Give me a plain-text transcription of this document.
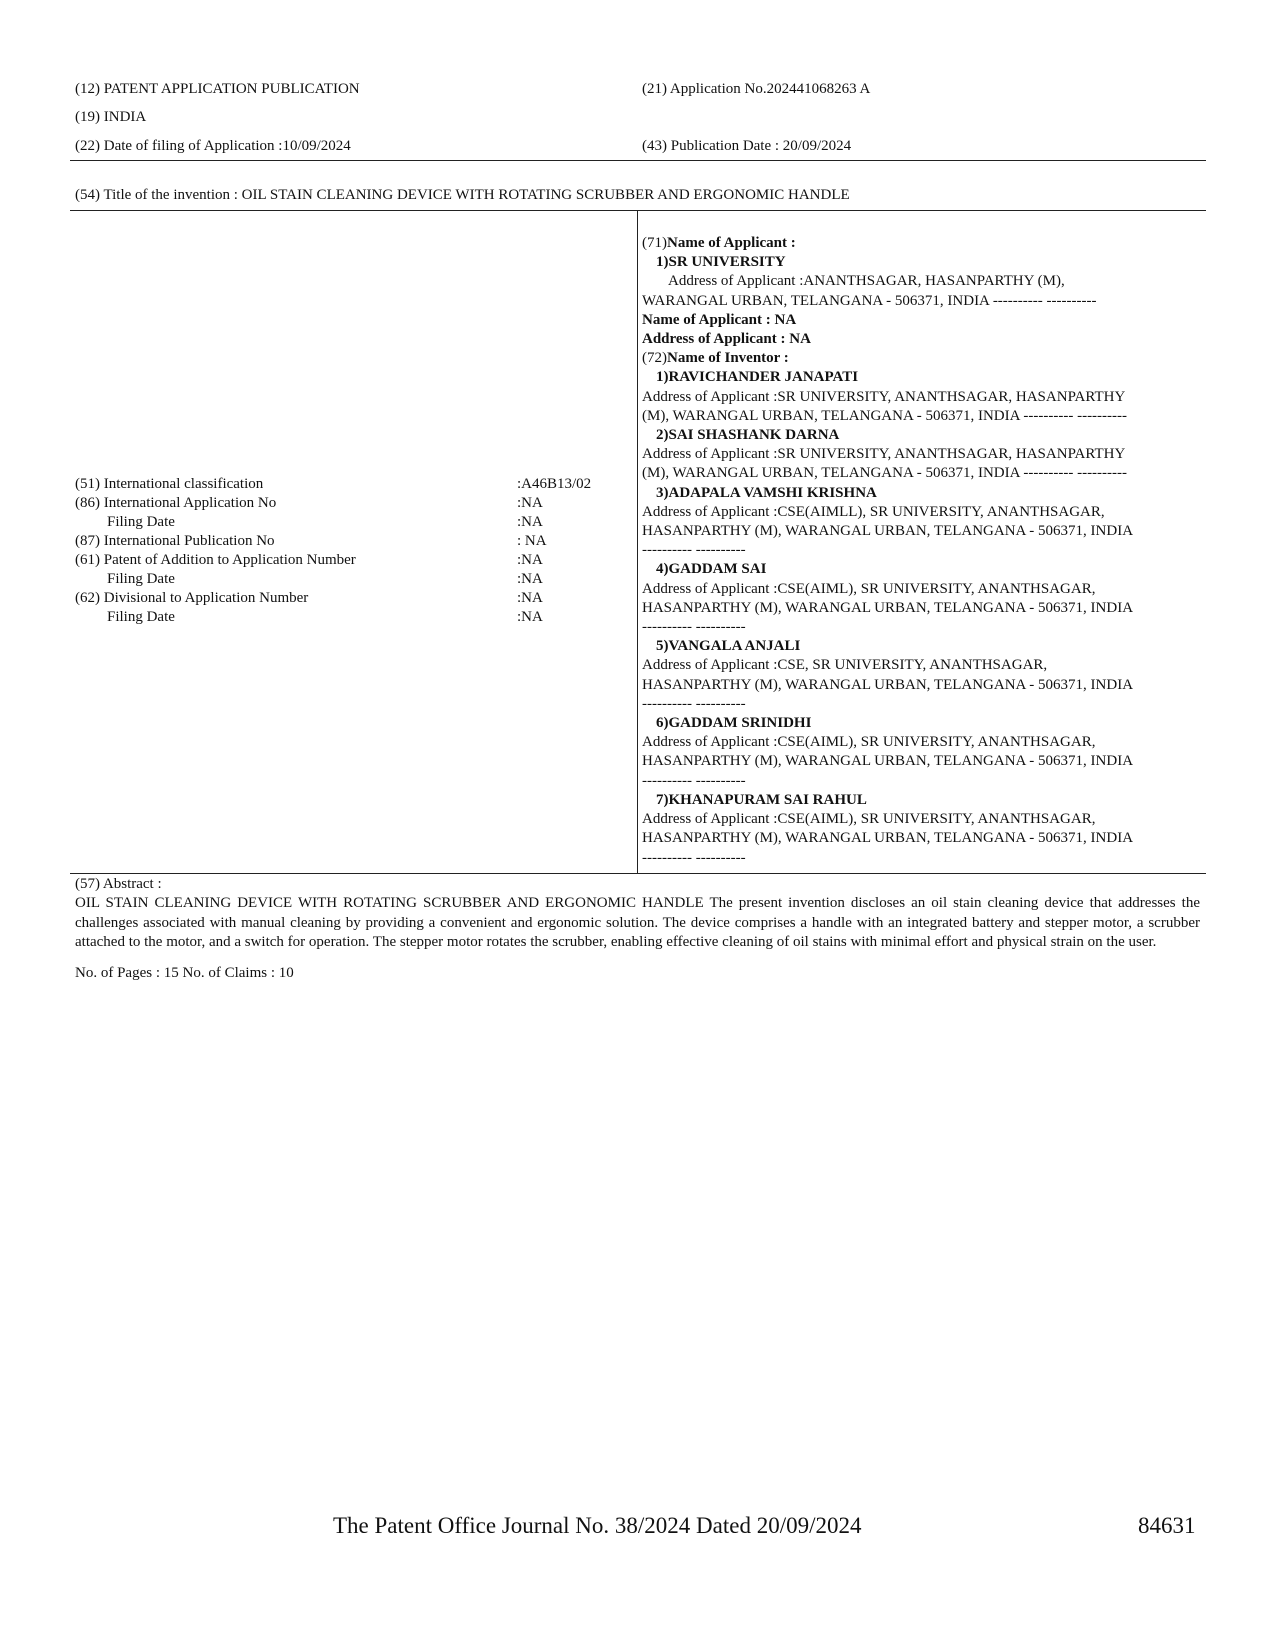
(12) PATENT APPLICATION PUBLICATION	(21) Application No.202441068263 A
(19) INDIA
(22) Date of filing of Application :10/09/2024	(43) Publication Date : 20/09/2024
(54) Title of the invention : OIL STAIN CLEANING DEVICE WITH ROTATING SCRUBBER AND ERGONOMIC HANDLE
(51) International classification	:A46B13/02
(86) International Application No	:NA
Filing Date	:NA
(87) International Publication No	: NA
(61) Patent of Addition to Application Number	:NA
Filing Date	:NA
(62) Divisional to Application Number	:NA
Filing Date	:NA
(71)Name of Applicant :
1)SR UNIVERSITY
Address of Applicant :ANANTHSAGAR, HASANPARTHY (M),
WARANGAL URBAN, TELANGANA - 506371, INDIA ---------- ----------
Name of Applicant : NA
Address of Applicant : NA
(72)Name of Inventor :
1)RAVICHANDER JANAPATI
Address of Applicant :SR UNIVERSITY, ANANTHSAGAR, HASANPARTHY
(M), WARANGAL URBAN, TELANGANA - 506371, INDIA ---------- ----------
2)SAI SHASHANK DARNA
Address of Applicant :SR UNIVERSITY, ANANTHSAGAR, HASANPARTHY
(M), WARANGAL URBAN, TELANGANA - 506371, INDIA ---------- ----------
3)ADAPALA VAMSHI KRISHNA
Address of Applicant :CSE(AIMLL), SR UNIVERSITY, ANANTHSAGAR,
HASANPARTHY (M), WARANGAL URBAN, TELANGANA - 506371, INDIA
---------- ----------
4)GADDAM SAI
Address of Applicant :CSE(AIML), SR UNIVERSITY, ANANTHSAGAR,
HASANPARTHY (M), WARANGAL URBAN, TELANGANA - 506371, INDIA
---------- ----------
5)VANGALA ANJALI
Address of Applicant :CSE, SR UNIVERSITY, ANANTHSAGAR,
HASANPARTHY (M), WARANGAL URBAN, TELANGANA - 506371, INDIA
---------- ----------
6)GADDAM SRINIDHI
Address of Applicant :CSE(AIML), SR UNIVERSITY, ANANTHSAGAR,
HASANPARTHY (M), WARANGAL URBAN, TELANGANA - 506371, INDIA
---------- ----------
7)KHANAPURAM SAI RAHUL
Address of Applicant :CSE(AIML), SR UNIVERSITY, ANANTHSAGAR,
HASANPARTHY (M), WARANGAL URBAN, TELANGANA - 506371, INDIA
---------- ----------
(57) Abstract :
OIL STAIN CLEANING DEVICE WITH ROTATING SCRUBBER AND ERGONOMIC HANDLE The present invention discloses an oil stain cleaning device that addresses the challenges associated with manual cleaning by providing a convenient and ergonomic solution. The device comprises a handle with an integrated battery and stepper motor, a scrubber attached to the motor, and a switch for operation. The stepper motor rotates the scrubber, enabling effective cleaning of oil stains with minimal effort and physical strain on the user.
No. of Pages : 15 No. of Claims : 10
The Patent Office Journal No. 38/2024 Dated 20/09/2024	84631
